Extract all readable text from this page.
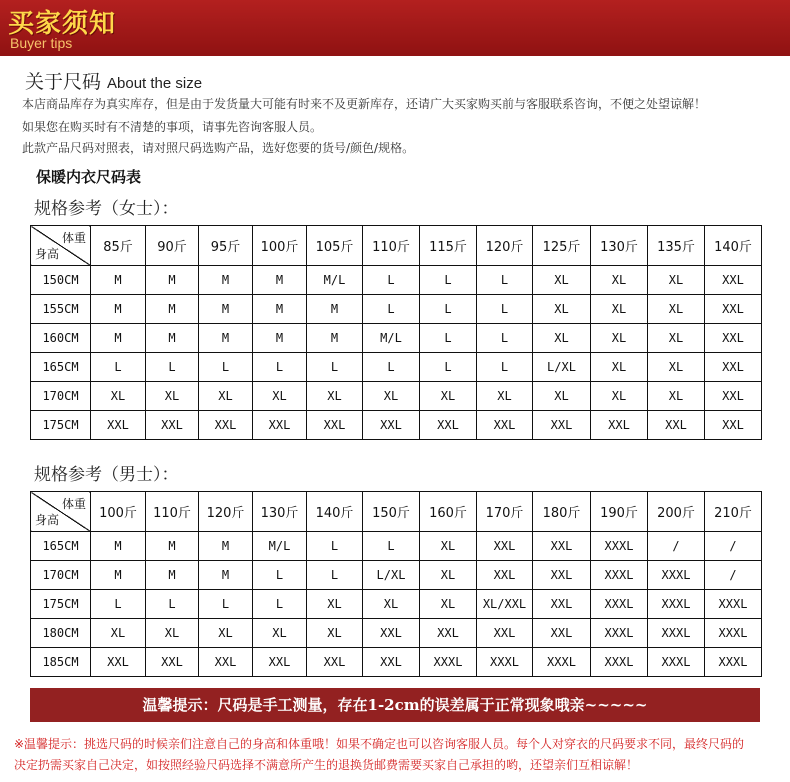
买家须知
Buyer tips
关于尺码 About the size
本店商品库存为真实库存，但是由于发货量大可能有时来不及更新库存，还请广大买家购买前与客服联系咨询，不便之处望谅解！
如果您在购买时有不清楚的事项，请事先咨询客服人员。
此款产品尺码对照表，请对照尺码选购产品，选好您要的货号/颜色/规格。
保暖内衣尺码表
规格参考（女士）：
体重
身高	85斤	90斤	95斤	100斤	105斤	110斤	115斤	120斤	125斤	130斤	135斤	140斤
150CM	M	M	M	M	M/L	L	L	L	XL	XL	XL	XXL
155CM	M	M	M	M	M	L	L	L	XL	XL	XL	XXL
160CM	M	M	M	M	M	M/L	L	L	XL	XL	XL	XXL
165CM	L	L	L	L	L	L	L	L	L/XL	XL	XL	XXL
170CM	XL	XL	XL	XL	XL	XL	XL	XL	XL	XL	XL	XXL
175CM	XXL	XXL	XXL	XXL	XXL	XXL	XXL	XXL	XXL	XXL	XXL	XXL
规格参考（男士）：
体重
身高	100斤	110斤	120斤	130斤	140斤	150斤	160斤	170斤	180斤	190斤	200斤	210斤
165CM	M	M	M	M/L	L	L	XL	XXL	XXL	XXXL	/	/
170CM	M	M	M	L	L	L/XL	XL	XXL	XXL	XXXL	XXXL	/
175CM	L	L	L	L	XL	XL	XL	XL/XXL	XXL	XXXL	XXXL	XXXL
180CM	XL	XL	XL	XL	XL	XXL	XXL	XXL	XXL	XXXL	XXXL	XXXL
185CM	XXL	XXL	XXL	XXL	XXL	XXL	XXXL	XXXL	XXXL	XXXL	XXXL	XXXL
温馨提示：尺码是手工测量，存在1-2cm的误差属于正常现象哦亲~~~~~
※温馨提示：挑选尺码的时候亲们注意自己的身高和体重哦！如果不确定也可以咨询客服人员。每个人对穿衣的尺码要求不同，最终尺码的
决定扔需买家自己决定，如按照经验尺码选择不满意所产生的退换货邮费需要买家自己承担的哟，还望亲们互相谅解！
